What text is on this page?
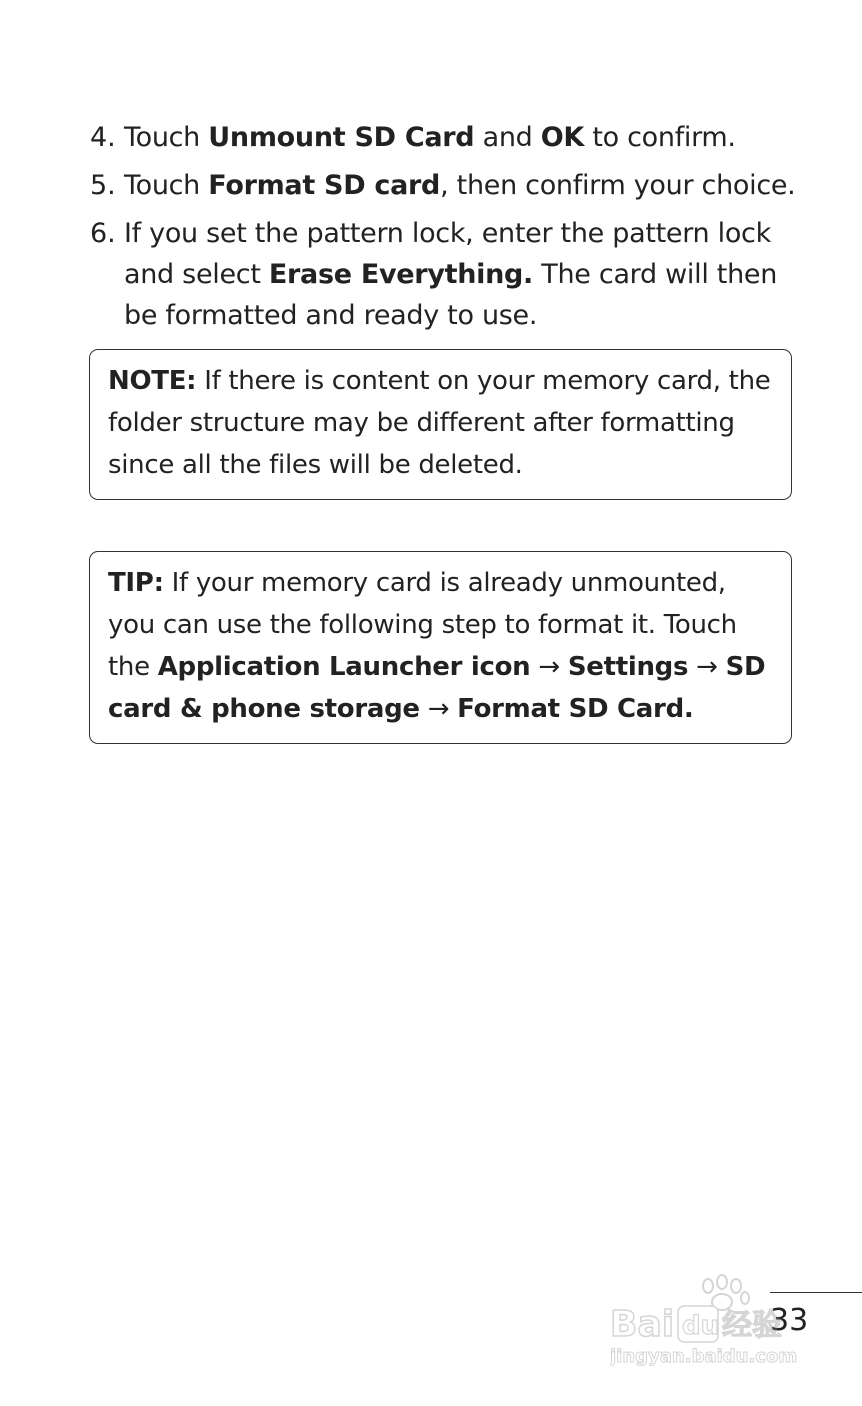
4. Touch Unmount SD Card and OK to confirm.
5. Touch Format SD card, then confirm your choice.
6. If you set the pattern lock, enter the pattern lock and select Erase Everything. The card will then be formatted and ready to use.
NOTE: If there is content on your memory card, the folder structure may be different after formatting since all the files will be deleted.
TIP: If your memory card is already unmounted, you can use the following step to format it. Touch the Application Launcher icon → Settings → SD card & phone storage → Format SD Card.
33
Bai du 经验
jingyan.baidu.com
